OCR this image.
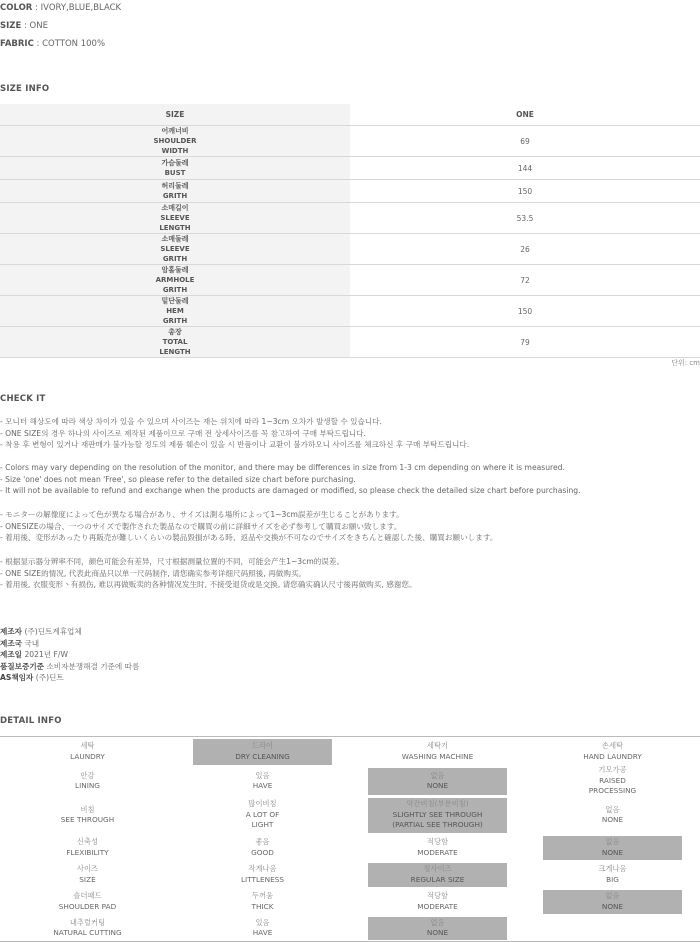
COLOR : IVORY,BLUE,BLACK
SIZE : ONE
FABRIC : COTTON 100%
SIZE INFO
SIZE	ONE
어깨너비
SHOULDER
WIDTH
69
가슴둘레
BUST
144
허리둘레
GRITH
150
소매길이
SLEEVE
LENGTH
53.5
소매둘레
SLEEVE
GRITH
26
암홀둘레
ARMHOLE
GRITH
72
밑단둘레
HEM
GRITH
150
총장
TOTAL
LENGTH
79
단위: cm
CHECK IT
- 모니터 해상도에 따라 색상 차이가 있을 수 있으며 사이즈는 재는 위치에 따라 1~3cm 오차가 발생할 수 있습니다.
- ONE SIZE의 경우 하나의 사이즈로 제작된 제품이므로 구매 전 상세사이즈를 꼭 참고하여 구매 부탁드립니다.
- 착용 후 변형이 있거나 재판매가 불가능할 정도의 제품 훼손이 있을 시 반품이나 교환이 불가하오니 사이즈를 체크하신 후 구매 부탁드립니다.
- Colors may vary depending on the resolution of the monitor, and there may be differences in size from 1-3 cm depending on where it is measured.
- Size 'one' does not mean 'Free', so please refer to the detailed size chart before purchasing.
- It will not be available to refund and exchange when the products are damaged or modified, so please check the detailed size chart before purchasing.
- モニターの解像度によって色が異なる場合があり、サイズは測る場所によって1~3cm誤差が生じることがあります。
- ONESIZEの場合、一つのサイズで製作された製品なので購買の前に詳細サイズを必ず参考して購買お願い致します。
- 着用後、変形があったり再販売が難しいくらいの製品毀損がある時、返品や交換が不可なのでサイズをきちんと確認した後、購買お願いします。
- 根据显示器分辨率不同，颜色可能会有差异，尺寸根据测量位置的不同，可能会产生1~3cm的误差。
- ONE SIZE的情况, 代表此商品只以单一尺码制作, 请您确实参考详细尺码照後, 再做购买。
- 着用後, 衣服变形丶有损伤, 难以再做贩卖的各种情况发生时, 不接受退货或是交换, 请您确实确认尺寸後再做购买, 感谢您。
제조자 (주)딘트계휴업체
제조국 국내
제조일 2021년 F/W
품질보증기준 소비자분쟁해결 기준에 따름
AS책임자 (주)딘트
DETAIL INFO
세탁
LAUNDRY
드라이
DRY CLEANING
세탁기
WASHING MACHINE
손세탁
HAND LAUNDRY
안감
LINING
있음
HAVE
없음
NONE
기모가공
RAISED
PROCESSING
비침
SEE THROUGH
많이비침
A LOT OF
LIGHT
약간비침(부분비침)
SLIGHTLY SEE THROUGH
(PARTIAL SEE THROUGH)
없음
NONE
신축성
FLEXIBILITY
좋음
GOOD
적당함
MODERATE
없음
NONE
사이즈
SIZE
작게나옴
LITTLENESS
정사이즈
REGULAR SIZE
크게나옴
BIG
숄더패드
SHOULDER PAD
두꺼움
THICK
적당함
MODERATE
없음
NONE
내추럴커팅
NATURAL CUTTING
있음
HAVE
없음
NONE
